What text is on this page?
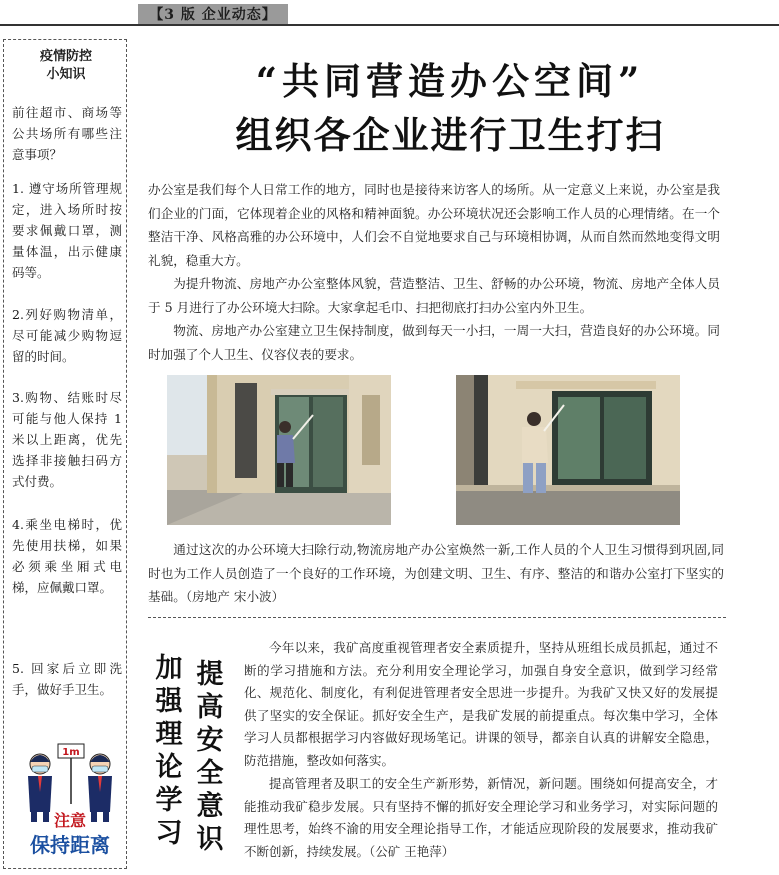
【3 版 企业动态】
疫情防控
小知识
前往超市、商场等公共场所有哪些注意事项？
1. 遵守场所管理规定，进入场所时按要求佩戴口罩，测量体温，出示健康码等。
2.列好购物清单，尽可能减少购物逗留的时间。
3.购物、结账时尽可能与他人保持 1 米以上距离，优先选择非接触扫码方式付费。
4.乘坐电梯时，优先使用扶梯，如果必须乘坐厢式电梯，应佩戴口罩。
5. 回家后立即洗手，做好手卫生。
1m
注意
保持距离
“共同营造办公空间”
组织各企业进行卫生打扫
办公室是我们每个人日常工作的地方，同时也是接待来访客人的场所。从一定意义上来说，办公室是我们企业的门面，它体现着企业的风格和精神面貌。办公环境状况还会影响工作人员的心理情绪。在一个整洁干净、风格高雅的办公环境中，人们会不自觉地要求自己与环境相协调，从而自然而然地变得文明礼貌，稳重大方。
为提升物流、房地产办公室整体风貌，营造整洁、卫生、舒畅的办公环境，物流、房地产全体人员于 5 月进行了办公环境大扫除。大家拿起毛巾、扫把彻底打扫办公室内外卫生。
物流、房地产办公室建立卫生保持制度，做到每天一小扫，一周一大扫，营造良好的办公环境。同时加强了个人卫生、仪容仪表的要求。
通过这次的办公环境大扫除行动,物流房地产办公室焕然一新,工作人员的个人卫生习惯得到巩固,同时也为工作人员创造了一个良好的工作环境，为创建文明、卫生、有序、整洁的和谐办公室打下坚实的基础。（房地产 宋小波）
提高安全意识
加强理论学习
今年以来，我矿高度重视管理者安全素质提升，坚持从班组长成员抓起，通过不断的学习措施和方法。充分利用安全理论学习，加强自身安全意识，做到学习经常化、规范化、制度化，有利促进管理者安全思进一步提升。为我矿又快又好的发展提供了坚实的安全保证。抓好安全生产，是我矿发展的前提重点。每次集中学习，全体学习人员都根据学习内容做好现场笔记。讲课的领导，都亲自认真的讲解安全隐患，防范措施，整改如何落实。
提高管理者及职工的安全生产新形势，新情况，新问题。围绕如何提高安全，才能推动我矿稳步发展。只有坚持不懈的抓好安全理论学习和业务学习，对实际问题的理性思考，始终不渝的用安全理论指导工作，才能适应现阶段的发展要求，推动我矿不断创新，持续发展。（公矿 王艳萍）
